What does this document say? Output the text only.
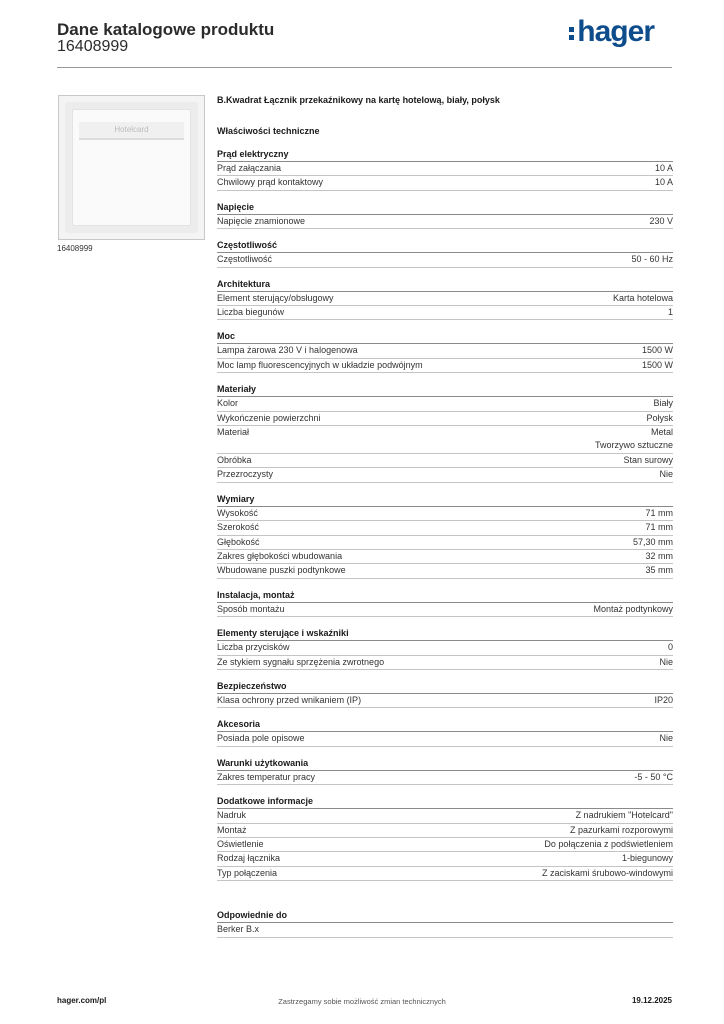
Dane katalogowe produktu
16408999	hager
Hotelcard
16408999
B.Kwadrat Łącznik przekaźnikowy na kartę hotelową, biały, połysk
Właściwości techniczne
Prąd elektryczny
Prąd załączania	10 A
Chwilowy prąd kontaktowy	10 A
Napięcie
Napięcie znamionowe	230 V
Częstotliwość
Częstotliwość	50 - 60 Hz
Architektura
Element sterujący/obsługowy	Karta hotelowa
Liczba biegunów	1
Moc
Lampa żarowa 230 V i halogenowa	1500 W
Moc lamp fluorescencyjnych w układzie podwójnym	1500 W
Materiały
Kolor	Biały
Wykończenie powierzchni	Połysk
Materiał	Metal
Tworzywo sztuczne
Obróbka	Stan surowy
Przezroczysty	Nie
Wymiary
Wysokość	71 mm
Szerokość	71 mm
Głębokość	57,30 mm
Zakres głębokości wbudowania	32 mm
Wbudowane puszki podtynkowe	35 mm
Instalacja, montaż
Sposób montażu	Montaż podtynkowy
Elementy sterujące i wskaźniki
Liczba przycisków	0
Ze stykiem sygnału sprzężenia zwrotnego	Nie
Bezpieczeństwo
Klasa ochrony przed wnikaniem (IP)	IP20
Akcesoria
Posiada pole opisowe	Nie
Warunki użytkowania
Zakres temperatur pracy	-5 - 50 °C
Dodatkowe informacje
Nadruk	Z nadrukiem "Hotelcard"
Montaż	Z pazurkami rozporowymi
Oświetlenie	Do połączenia z podświetleniem
Rodzaj łącznika	1-biegunowy
Typ połączenia	Z zaciskami śrubowo-windowymi
Odpowiednie do
Berker B.x
hager.com/pl	Zastrzegamy sobie możliwość zmian technicznych	19.12.2025
